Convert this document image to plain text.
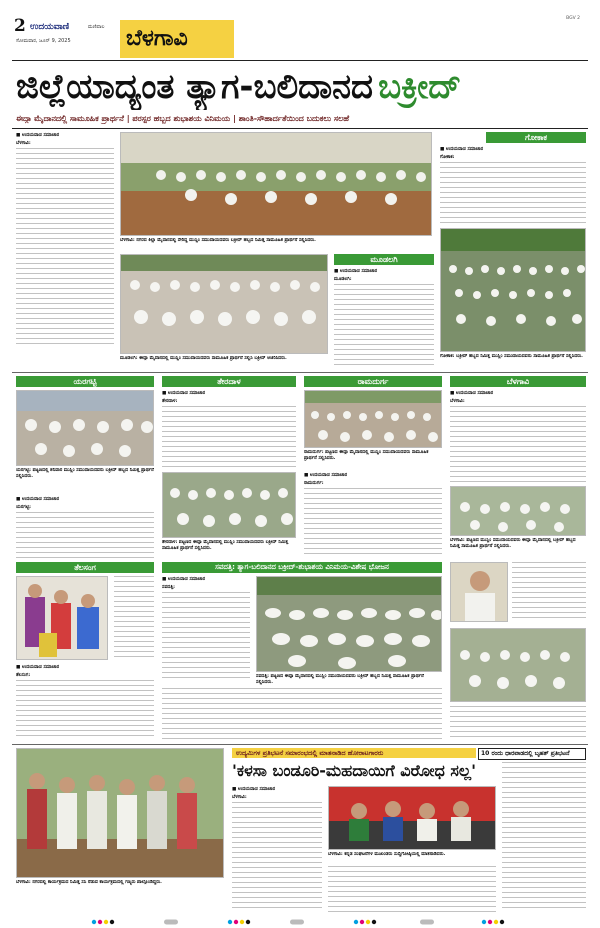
2 ಉದಯವಾಣಿ	ಮಣಿಪಾಲ
ಸೋಮವಾರ, ಜೂನ್ 9, 2025	ಬೆಳಗಾವಿ
BGV 2
ಜಿಲ್ಲೆಯಾದ್ಯಂತ ತ್ಯಾಗ-ಬಲಿದಾನದ ಬಕ್ರೀದ್
ಈದ್ಗಾ ಮೈದಾನದಲ್ಲಿ ಸಾಮೂಹಿಕ ಪ್ರಾರ್ಥನೆ | ಪರಸ್ಪರ ಹಬ್ಬದ ಶುಭಾಶಯ ವಿನಿಮಯ | ಶಾಂತಿ-ಸೌಹಾರ್ದತೆಯಿಂದ ಬದುಕಲು ಸಲಹೆ
■ ಉದಯವಾಣಿ ಸಮಾಚಾರ
ಬೆಳಗಾವಿ:
ಬೆಳಗಾವಿ: ನಗರದ ಕಿಲ್ಲಾ ಮೈದಾನದಲ್ಲಿ ಸೇರಿದ್ದ ಮುಸ್ಲಿಂ ಸಮುದಾಯದವರು ಬಕ್ರೀದ್ ಹಬ್ಬದ ನಿಮಿತ್ತ ಸಾಮೂಹಿಕ ಪ್ರಾರ್ಥನೆ ಸಲ್ಲಿಸಿದರು.
ಗೋಕಾಕ
■ ಉದಯವಾಣಿ ಸಮಾಚಾರ
ಗೋಕಾಕ:
ಗೋಕಾಕ: ಬಕ್ರೀದ್ ಹಬ್ಬದ ನಿಮಿತ್ತ ಮುಸ್ಲಿಂ ಸಮುದಾಯದವರು ಸಾಮೂಹಿಕ ಪ್ರಾರ್ಥನೆ ಸಲ್ಲಿಸಿದರು.
ಮೂಡಲಗಿ: ಈದ್ಗಾ ಮೈದಾನದಲ್ಲಿ ಮುಸ್ಲಿಂ ಸಮುದಾಯದವರು ಸಾಮೂಹಿಕ ಪ್ರಾರ್ಥನೆ ಸಲ್ಲಿಸಿ ಬಕ್ರೀದ್ ಆಚರಿಸಿದರು.
ಮೂಡಲಗಿ
■ ಉದಯವಾಣಿ ಸಮಾಚಾರ
ಮೂಡಲಗಿ:
ಯರಗಟ್ಟಿ	ತೇರದಾಳ	ರಾಮದುರ್ಗ	ಬೆಳಗಾವಿ
ಯರಗಟ್ಟಿ: ಪಟ್ಟಣದಲ್ಲಿ ಶನಿವಾರ ಮುಸ್ಲಿಂ ಸಮುದಾಯದವರು ಬಕ್ರೀದ್ ಹಬ್ಬದ ನಿಮಿತ್ತ ಪ್ರಾರ್ಥನೆ ಸಲ್ಲಿಸಿದರು.
■ ಉದಯವಾಣಿ ಸಮಾಚಾರ
ಯರಗಟ್ಟಿ:
■ ಉದಯವಾಣಿ ಸಮಾಚಾರ
ತೇರದಾಳ:
ತೇರದಾಳ: ಪಟ್ಟಣದ ಈದ್ಗಾ ಮೈದಾನದಲ್ಲಿ ಮುಸ್ಲಿಂ ಸಮುದಾಯದವರು ಬಕ್ರೀದ್ ನಿಮಿತ್ತ ಸಾಮೂಹಿಕ ಪ್ರಾರ್ಥನೆ ಸಲ್ಲಿಸಿದರು.
ರಾಮದುರ್ಗ: ಪಟ್ಟಣದ ಈದ್ಗಾ ಮೈದಾನದಲ್ಲಿ ಮುಸ್ಲಿಂ ಸಮುದಾಯದವರು ಸಾಮೂಹಿಕ ಪ್ರಾರ್ಥನೆ ಸಲ್ಲಿಸಿದರು.
■ ಉದಯವಾಣಿ ಸಮಾಚಾರ
ರಾಮದುರ್ಗ:
■ ಉದಯವಾಣಿ ಸಮಾಚಾರ
ಬೆಳಗಾವಿ:
ಬೆಳಗಾವಿ: ಪಟ್ಟಣದ ಮುಸ್ಲಿಂ ಸಮುದಾಯದವರು ಈದ್ಗಾ ಮೈದಾನದಲ್ಲಿ ಬಕ್ರೀದ್ ಹಬ್ಬದ ನಿಮಿತ್ತ ಸಾಮೂಹಿಕ ಪ್ರಾರ್ಥನೆ ಸಲ್ಲಿಸಿದರು.
ತೆಲಸಂಗ
■ ಉದಯವಾಣಿ ಸಮಾಚಾರ
ತೆಲಸಂಗ:
ಸವದತ್ತಿ: ತ್ಯಾಗ-ಬಲಿದಾನದ ಬಕ್ರೀದ್-ಶುಭಾಶಯ ವಿನಿಮಯ-ವಿಶೇಷ ಭೋಜನ
■ ಉದಯವಾಣಿ ಸಮಾಚಾರ
ಸವದತ್ತಿ:
ಸವದತ್ತಿ: ಪಟ್ಟಣದ ಈದ್ಗಾ ಮೈದಾನದಲ್ಲಿ ಮುಸ್ಲಿಂ ಸಮುದಾಯದವರು ಬಕ್ರೀದ್ ಹಬ್ಬದ ನಿಮಿತ್ತ ಸಾಮೂಹಿಕ ಪ್ರಾರ್ಥನೆ ಸಲ್ಲಿಸಿದರು.
ಬೆಳಗಾವಿ: ನಗರದಲ್ಲಿ ಕಾರ್ಯಕ್ರಮದ ನಿಮಿತ್ತ ಸಸಿ ನೆಡುವ ಕಾರ್ಯಕ್ರಮದಲ್ಲಿ ಗಣ್ಯರು ಪಾಲ್ಗೊಂಡಿದ್ದರು.
ಉದ್ಯಮಿಗಳ ಪ್ರತಿಭಟನೆ ಸಮಾರಂಭದಲ್ಲಿ ಮಾತನಾಡಿದ ಹೋರಾಟಗಾರರು
'ಕಳಸಾ ಬಂಡೂರಿ-ಮಹದಾಯಿಗೆ ವಿರೋಧ ಸಲ್ಲ'
■ ಉದಯವಾಣಿ ಸಮಾಚಾರ
ಬೆಳಗಾವಿ:
ಬೆಳಗಾವಿ: ಕನ್ನಡ ಸಂಘಟನೆಗಳ ಮುಖಂಡರು ಸುದ್ದಿಗೋಷ್ಠಿಯಲ್ಲಿ ಮಾತನಾಡಿದರು.
10 ರಂದು ಧಾರವಾಡದಲ್ಲಿ ಬೃಹತ್ ಪ್ರತಿಭಟನೆ
